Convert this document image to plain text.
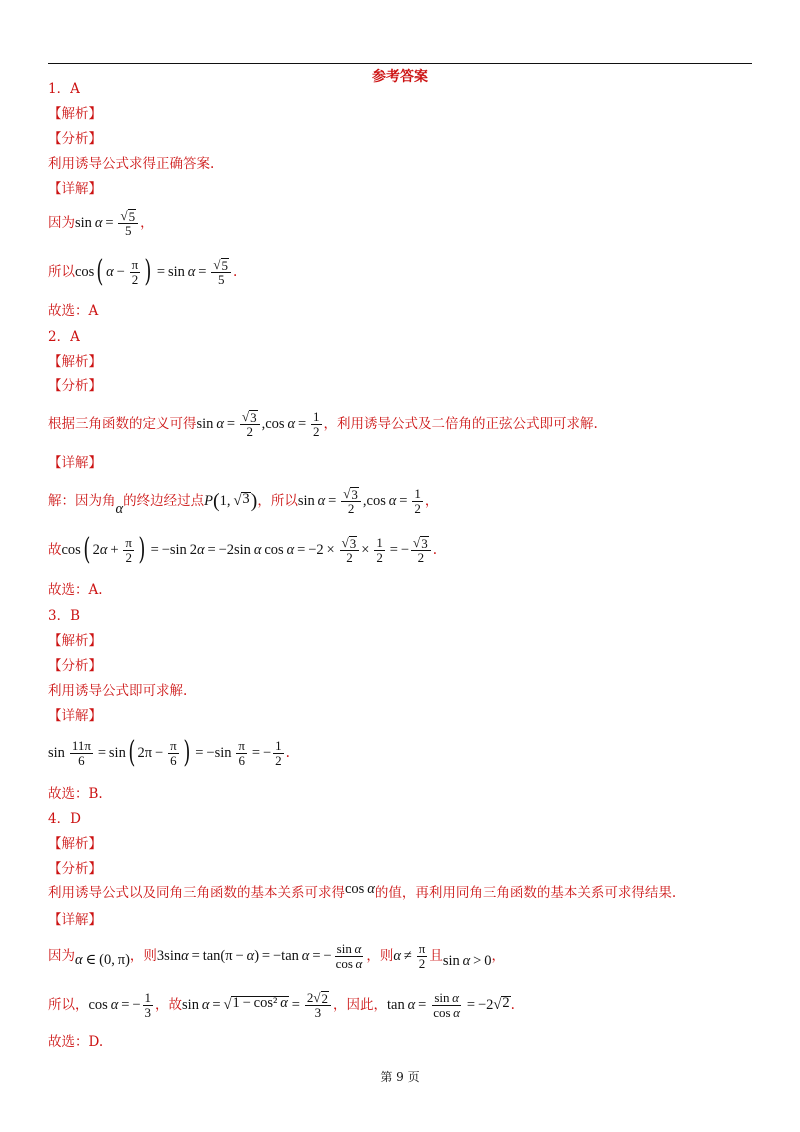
参考答案
1．A
【解析】
【分析】
利用诱导公式求得正确答案.
【详解】
因为 $\sin \alpha = \frac{√ 5}{5}$ ，
所以 cos ( $\alpha - \frac{\pi}{2}$ )  = $\sin \alpha = \frac{√ 5}{5}$ .
故选：A
2．A
【解析】
【分析】
根据三角函数的定义可得 $\sin \alpha = \frac{√ 3}{2} ,\cos$  $\alpha = \frac{1}{2}$ ，利用诱导公式及二倍角的正弦公式即可求解.
【详解】
解：因为角 α 的终边经过点 P ( 1,  √ 3 ) ，所以 $\sin \alpha = \frac{√ 3}{2} ,\cos$  $\alpha = \frac{1}{2}$ ，
故 cos ( 2 $\alpha + \frac{\pi}{2}$ )  = −sin 2 α  = −2sin  α  $\cos \alpha = -2 \times \frac{√ 3}{2} \times \frac{1}{2}$  = − $\frac{√ 3}{2}$ .
故选：A.
3．B
【解析】
【分析】
利用诱导公式即可求解.
【详解】
$\sin \frac{11\pi}{6} = \sin$ ( $2\pi - \frac{\pi}{6}$ )  = $-\sin \frac{\pi}{6}$  = − $\frac{1}{2}$ .
故选：B.
4．D
【解析】
【分析】
利用诱导公式以及同角三角函数的基本关系可求得 cos  α 的值，再利用同角三角函数的基本关系可求得结果.
【详解】
因为 α  ∈ (0, π) ，则 3sin α  = tan(π −  α ) = −tan  α  = − $\frac{\text{sin α}}{\text{cos α}}$ ，则 $\alpha \ne \frac{\pi}{2}$ 且 sin  α  > 0 ，
所以， cos  α  = − $\frac{1}{3}$ ，故 sin  α  =  √ 1 − cos² $\alpha = \frac{2√ 2}{3}$ ，因此， $\tan \alpha = \frac{\text{sin α}}{\text{cos α}} = -2$ √ 2 .
故选：D.
第 9 页
